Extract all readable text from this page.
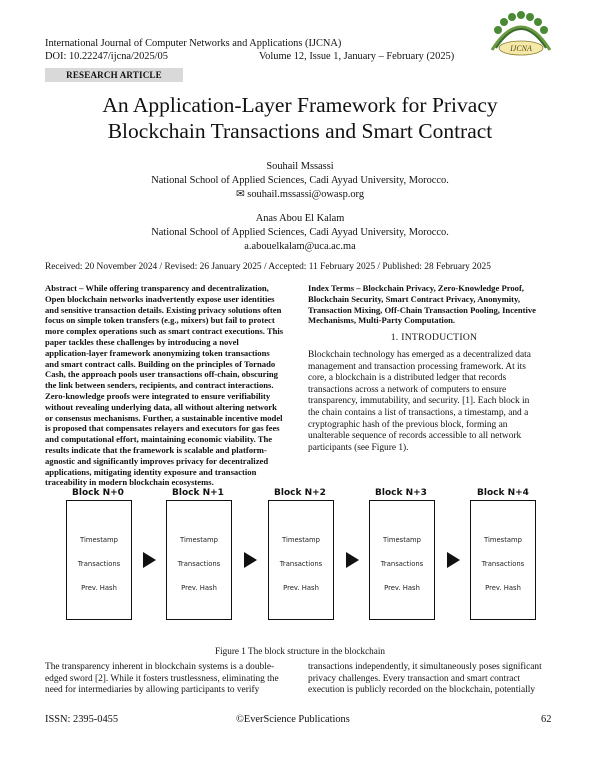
International Journal of Computer Networks and Applications (IJCNA)
DOI: 10.22247/ijcna/2025/05	Volume 12, Issue 1, January – February (2025)
IJCNA
RESEARCH ARTICLE
An Application-Layer Framework for Privacy
Blockchain Transactions and Smart Contract
Souhail Mssassi
National School of Applied Sciences, Cadi Ayyad University, Morocco.
✉ souhail.mssassi@owasp.org
Anas Abou El Kalam
National School of Applied Sciences, Cadi Ayyad University, Morocco.
a.abouelkalam@uca.ac.ma
Received: 20 November 2024 / Revised: 26 January 2025 / Accepted: 11 February 2025 / Published: 28 February 2025
Abstract – While offering transparency and decentralization,
Open blockchain networks inadvertently expose user identities
and sensitive transaction details. Existing privacy solutions often
focus on simple token transfers (e.g., mixers) but fail to protect
more complex operations such as smart contract executions. This
paper tackles these challenges by introducing a novel
application-layer framework anonymizing token transactions
and smart contract calls. Building on the principles of Tornado
Cash, the approach pools user transactions off-chain, obscuring
the link between senders, recipients, and contract interactions.
Zero-knowledge proofs were integrated to ensure verifiability
without revealing underlying data, all without altering network
or consensus mechanisms. Further, a sustainable incentive model
is proposed that compensates relayers and executors for gas fees
and computational effort, maintaining economic viability. The
results indicate that the framework is scalable and platform-
agnostic and significantly improves privacy for decentralized
applications, mitigating identity exposure and transaction
traceability in modern blockchain ecosystems.
Index Terms – Blockchain Privacy, Zero-Knowledge Proof,
Blockchain Security, Smart Contract Privacy, Anonymity,
Transaction Mixing, Off-Chain Transaction Pooling, Incentive
Mechanisms, Multi-Party Computation.
1. INTRODUCTION
Blockchain technology has emerged as a decentralized data
management and transaction processing framework. At its
core, a blockchain is a distributed ledger that records
transactions across a network of computers to ensure
transparency, immutability, and security. [1]. Each block in
the chain contains a list of transactions, a timestamp, and a
cryptographic hash of the previous block, forming an
unalterable sequence of records accessible to all network
participants (see Figure 1).
Block N+0	Block N+1	Block N+2	Block N+3	Block N+4
Timestamp
Transactions
Prev. Hash
Timestamp
Transactions
Prev. Hash
Timestamp
Transactions
Prev. Hash
Timestamp
Transactions
Prev. Hash
Timestamp
Transactions
Prev. Hash
Figure 1 The block structure in the blockchain
The transparency inherent in blockchain systems is a double-
edged sword [2]. While it fosters trustlessness, eliminating the
need for intermediaries by allowing participants to verify
transactions independently, it simultaneously poses significant
privacy challenges. Every transaction and smart contract
execution is publicly recorded on the blockchain, potentially
ISSN: 2395-0455	©EverScience Publications	62
